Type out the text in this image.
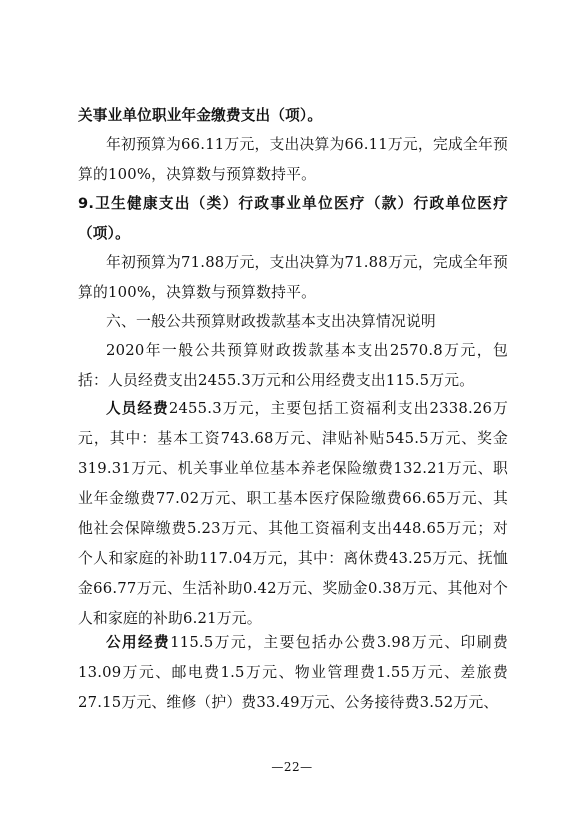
关事业单位职业年金缴费支出（项）。
年初预算为66.11万元，支出决算为66.11万元，完成全年预算的100%，决算数与预算数持平。
9.卫生健康支出（类）行政事业单位医疗（款）行政单位医疗（项）。
年初预算为71.88万元，支出决算为71.88万元，完成全年预算的100%，决算数与预算数持平。
六、一般公共预算财政拨款基本支出决算情况说明
2020年一般公共预算财政拨款基本支出2570.8万元，包括：人员经费支出2455.3万元和公用经费支出115.5万元。
人员经费2455.3万元，主要包括工资福利支出2338.26万元，其中：基本工资743.68万元、津贴补贴545.5万元、奖金319.31万元、机关事业单位基本养老保险缴费132.21万元、职业年金缴费77.02万元、职工基本医疗保险缴费66.65万元、其他社会保障缴费5.23万元、其他工资福利支出448.65万元；对个人和家庭的补助117.04万元，其中：离休费43.25万元、抚恤金66.77万元、生活补助0.42万元、奖励金0.38万元、其他对个人和家庭的补助6.21万元。
公用经费115.5万元，主要包括办公费3.98万元、印刷费13.09万元、邮电费1.5万元、物业管理费1.55万元、差旅费27.15万元、维修（护）费33.49万元、公务接待费3.52万元、
—22—
